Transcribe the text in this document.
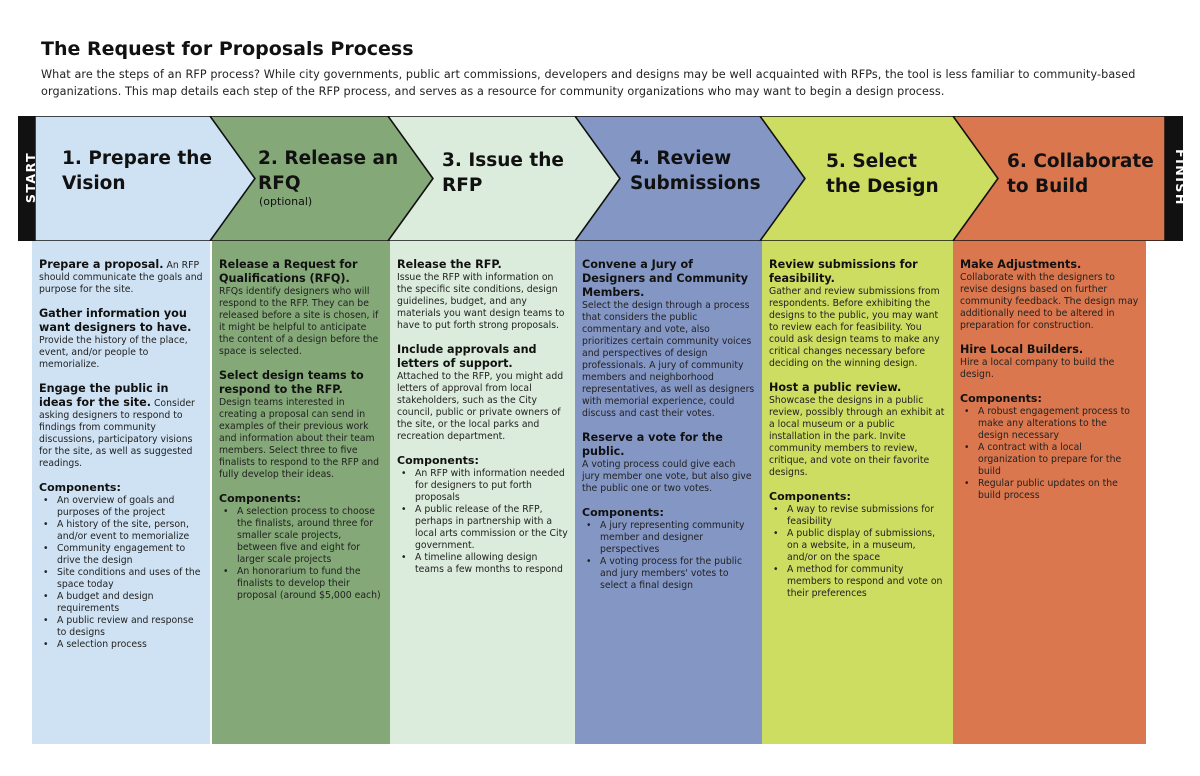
The Request for Proposals Process

What are the steps of an RFP process? While city governments, public art commissions, developers and designs may be well acquainted with RFPs, the tool is less familiar to community-based organizations. This map details each step of the RFP process, and serves as a resource for community organizations who may want to begin a design process.

START	FINISH
1. Prepare the Vision
2. Release an RFQ
(optional)
3. Issue the RFP
4. Review Submissions
5. Select the Design
6. Collaborate to Build
Prepare a proposal. An RFP should communicate the goals and purpose for the site.
Gather information you want designers to have. Provide the history of the place, event, and/or people to memorialize.
Engage the public in ideas for the site. Consider asking designers to respond to findings from community discussions, participatory visions for the site, as well as suggested readings.
Components:
• An overview of goals and purposes of the project
• A history of the site, person, and/or event to memorialize
• Community engagement to drive the design
• Site conditions and uses of the space today
• A budget and design requirements
• A public review and response to designs
• A selection process
Release a Request for Qualifications (RFQ).
RFQs identify designers who will respond to the RFP. They can be released before a site is chosen, if it might be helpful to anticipate the content of a design before the space is selected.
Select design teams to respond to the RFP.
Design teams interested in creating a proposal can send in examples of their previous work and information about their team members. Select three to five finalists to respond to the RFP and fully develop their ideas.
Components:
• A selection process to choose the finalists, around three for smaller scale projects, between five and eight for larger scale projects
• An honorarium to fund the finalists to develop their proposal (around $5,000 each)
Release the RFP.
Issue the RFP with information on the specific site conditions, design guidelines, budget, and any materials you want design teams to have to put forth strong proposals.
Include approvals and letters of support.
Attached to the RFP, you might add letters of approval from local stakeholders, such as the City council, public or private owners of the site, or the local parks and recreation department.
Components:
• An RFP with information needed for designers to put forth proposals
• A public release of the RFP, perhaps in partnership with a local arts commission or the City government.
• A timeline allowing design teams a few months to respond
Convene a Jury of Designers and Community Members.
Select the design through a process that considers the public commentary and vote, also prioritizes certain community voices and perspectives of design professionals. A jury of community members and neighborhood representatives, as well as designers with memorial experience, could discuss and cast their votes.
Reserve a vote for the public.
A voting process could give each jury member one vote, but also give the public one or two votes.
Components:
• A jury representing community member and designer perspectives
• A voting process for the public and jury members' votes to select a final design
Review submissions for feasibility.
Gather and review submissions from respondents. Before exhibiting the designs to the public, you may want to review each for feasibility. You could ask design teams to make any critical changes necessary before deciding on the winning design.
Host a public review.
Showcase the designs in a public review, possibly through an exhibit at a local museum or a public installation in the park. Invite community members to review, critique, and vote on their favorite designs.
Components:
• A way to revise submissions for feasibility
• A public display of submissions, on a website, in a museum, and/or on the space
• A method for community members to respond and vote on their preferences
Make Adjustments.
Collaborate with the designers to revise designs based on further community feedback. The design may additionally need to be altered in preparation for construction.
Hire Local Builders.
Hire a local company to build the design.
Components:
• A robust engagement process to make any alterations to the design necessary
• A contract with a local organization to prepare for the build
• Regular public updates on the build process
